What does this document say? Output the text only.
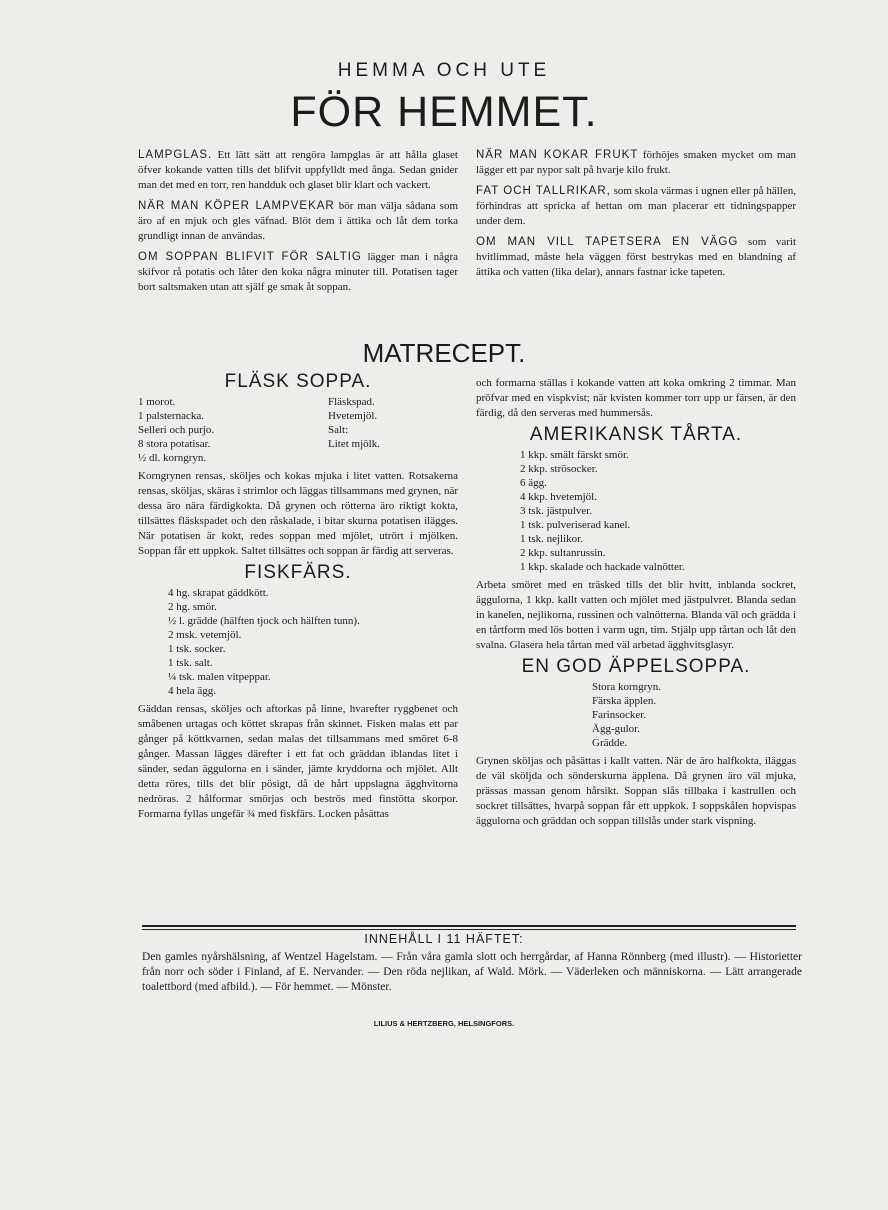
HEMMA OCH UTE
FÖR HEMMET.

LAMPGLAS. Ett lätt sätt att rengöra lampglas är att hålla glaset öfver kokande vatten tills det blifvit uppfylldt med ånga. Sedan gnider man det med en torr, ren handduk och glaset blir klart och vackert.

NÄR MAN KÖPER LAMPVEKAR bör man välja sådana som äro af en mjuk och gles väfnad. Blöt dem i ättika och låt dem torka grundligt innan de användas.

OM SOPPAN BLIFVIT FÖR SALTIG lägger man i några skifvor rå potatis och låter den koka några minuter till. Potatisen tager bort saltsmaken utan att själf ge smak åt soppan.

NÄR MAN KOKAR FRUKT förhöjes smaken mycket om man lägger ett par nypor salt på hvarje kilo frukt.

FAT OCH TALLRIKAR, som skola värmas i ugnen eller på hällen, förhindras att spricka af hettan om man placerar ett tidningspapper under dem.

OM MAN VILL TAPETSERA EN VÄGG som varit hvitlimmad, måste hela väggen först bestrykas med en blandning af ättika och vatten (lika delar), annars fastnar icke tapeten.

MATRECEPT.
FLÄSK SOPPA.
1 morot.	Fläskspad.
1 palsternacka.	Hvetemjöl.
Selleri och purjo.	Salt:
8 stora potatisar.	Litet mjölk.
½ dl. korngryn.

Korngrynen rensas, sköljes och kokas mjuka i litet vatten. Rotsakerna rensas, sköljas, skäras i strimlor och läggas tillsammans med grynen, när dessa äro nära färdigkokta. Då grynen och rötterna äro riktigt kokta, tillsättes fläskspadet och den råskalade, i bitar skurna potatisen ilägges. När potatisen är kokt, redes soppan med mjölet, utrört i mjölken. Soppan får ett uppkok. Saltet tillsättes och soppan är färdig att serveras.

FISKFÄRS.
4 hg. skrapat gäddkött.
2 hg. smör.
½ l. grädde (hälften tjock och hälften tunn).
2 msk. vetemjöl.
1 tsk. socker.
1 tsk. salt.
¼ tsk. malen vitpeppar.
4 hela ägg.

Gäddan rensas, sköljes och aftorkas på linne, hvarefter ryggbenet och småbenen urtagas och köttet skrapas från skinnet. Fisken malas ett par gånger på köttkvarnen, sedan malas det tillsammans med smöret 6-8 gånger. Massan lägges därefter i ett fat och gräddan iblandas litet i sänder, sedan äggulorna en i sänder, jämte kryddorna och mjölet. Allt detta röres, tills det blir pösigt, då de hårt uppslagna ägghvitorna nedröras. 2 hålformar smörjas och beströs med finstötta skorpor. Formarna fyllas ungefär ¾ med fiskfärs. Locken påsättas

och formarna ställas i kokande vatten att koka omkring 2 timmar. Man pröfvar med en vispkvist; när kvisten kommer torr upp ur färsen, är den färdig, då den serveras med hummersås.

AMERIKANSK TÅRTA.
1 kkp. smält färskt smör.
2 kkp. strösocker.
6 ägg.
4 kkp. hvetemjöl.
3 tsk. jästpulver.
1 tsk. pulveriserad kanel.
1 tsk. nejlikor.
2 kkp. sultanrussin.
1 kkp. skalade och hackade valnötter.

Arbeta smöret med en träsked tills det blir hvitt, inblanda sockret, äggulorna, 1 kkp. kallt vatten och mjölet med jästpulvret. Blanda sedan in kanelen, nejlikorna, russinen och valnötterna. Blanda väl och grädda i en tårtform med lös botten i varm ugn, tim. Stjälp upp tårtan och låt den svalna. Glasera hela tårtan med väl arbetad ägghvitsglasyr.

EN GOD ÄPPELSOPPA.
Stora korngryn.
Färska äpplen.
Farinsocker.
Ägg-gulor.
Grädde.

Grynen sköljas och påsättas i kallt vatten. När de äro halfkokta, iläggas de väl sköljda och sönderskurna äpplena. Då grynen äro väl mjuka, prässas massan genom hårsikt. Soppan slås tillbaka i kastrullen och sockret tillsättes, hvarpå soppan får ett uppkok. I soppskålen hopvispas äggulorna och gräddan och soppan tillslås under stark vispning.

INNEHÅLL I 11 HÄFTET:
Den gamles nyårshälsning, af Wentzel Hagelstam. — Från våra gamla slott och herrgårdar, af Hanna Rönnberg (med illustr). — Historietter från norr och söder i Finland, af E. Nervander. — Den röda nejlikan, af Wald. Mörk. — Väderleken och människorna. — Lätt arrangerade toalettbord (med afbild.). — För hemmet. — Mönster.
LILIUS & HERTZBERG, HELSINGFORS.
